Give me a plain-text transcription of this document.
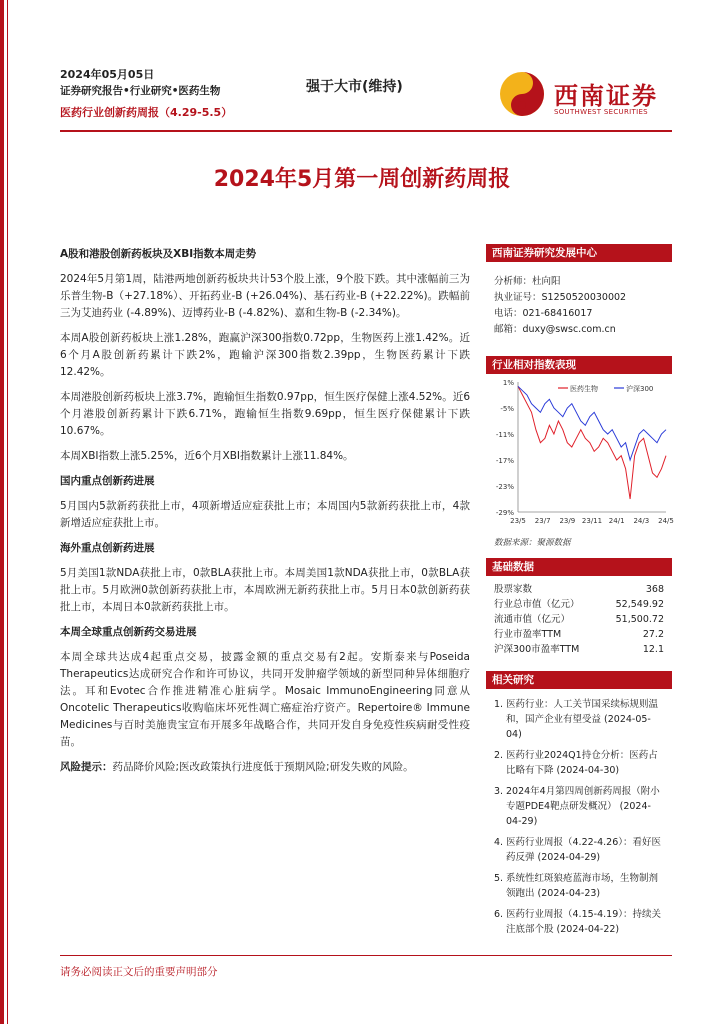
2024年05月05日
证券研究报告•行业研究•医药生物
医药行业创新药周报（4.29-5.5）
强于大市(维持)	西南证券
SOUTHWEST SECURITIES
2024年5月第一周创新药周报
A股和港股创新药板块及XBI指数本周走势

2024年5月第1周，陆港两地创新药板块共计53个股上涨，9个股下跌。其中涨幅前三为乐普生物-B（+27.18%）、开拓药业-B (+26.04%)、基石药业-B (+22.22%)。跌幅前三为艾迪药业 (-4.89%)、迈博药业-B (-4.82%)、嘉和生物-B (-2.34%)。

本周A股创新药板块上涨1.28%，跑赢沪深300指数0.72pp，生物医药上涨1.42%。近6个月A股创新药累计下跌2%，跑输沪深300指数2.39pp，生物医药累计下跌12.42%。

本周港股创新药板块上涨3.7%，跑输恒生指数0.97pp，恒生医疗保健上涨4.52%。近6个月港股创新药累计下跌6.71%，跑输恒生指数9.69pp，恒生医疗保健累计下跌10.67%。

本周XBI指数上涨5.25%，近6个月XBI指数累计上涨11.84%。

国内重点创新药进展

5月国内5款新药获批上市，4项新增适应症获批上市；本周国内5款新药获批上市，4款新增适应症获批上市。

海外重点创新药进展

5月美国1款NDA获批上市，0款BLA获批上市。本周美国1款NDA获批上市，0款BLA获批上市。5月欧洲0款创新药获批上市，本周欧洲无新药获批上市。5月日本0款创新药获批上市，本周日本0款新药获批上市。

本周全球重点创新药交易进展

本周全球共达成4起重点交易，披露金额的重点交易有2起。安斯泰来与Poseida Therapeutics达成研究合作和许可协议，共同开发肿瘤学领域的新型同种异体细胞疗法。耳和Evotec合作推进精准心脏病学。Mosaic ImmunoEngineering同意从Oncotelic Therapeutics收购临床坏死性凋亡癌症治疗资产。Repertoire® Immune Medicines与百时美施贵宝宣布开展多年战略合作，共同开发自身免疫性疾病耐受性疫苗。

风险提示：药品降价风险;医改政策执行进度低于预期风险;研发失败的风险。

西南证券研究发展中心
分析师：杜向阳
执业证号：S1250520030002
电话：021-68416017
邮箱：duxy@swsc.com.cn
行业相对指数表现
1%
-5%
-11%
-17%
-23%
-29%
23/5 23/7 23/9 23/11 24/1 24/3 24/5
医药生物	沪深300
数据来源：聚源数据
基础数据
股票家数	368
行业总市值（亿元）	52,549.92
流通市值（亿元）	51,500.72
行业市盈率TTM	27.2
沪深300市盈率TTM	12.1
相关研究
1. 医药行业：人工关节国采续标规则温和，国产企业有望受益 (2024-05-04)
2. 医药行业2024Q1持仓分析：医药占比略有下降 (2024-04-30)
3. 2024年4月第四周创新药周报（附小专题PDE4靶点研发概况） (2024-04-29)
4. 医药行业周报（4.22-4.26）：看好医药反弹 (2024-04-29)
5. 系统性红斑狼疮蓝海市场，生物制剂领跑出 (2024-04-23)
6. 医药行业周报（4.15-4.19）：持续关注底部个股 (2024-04-22)
请务必阅读正文后的重要声明部分
